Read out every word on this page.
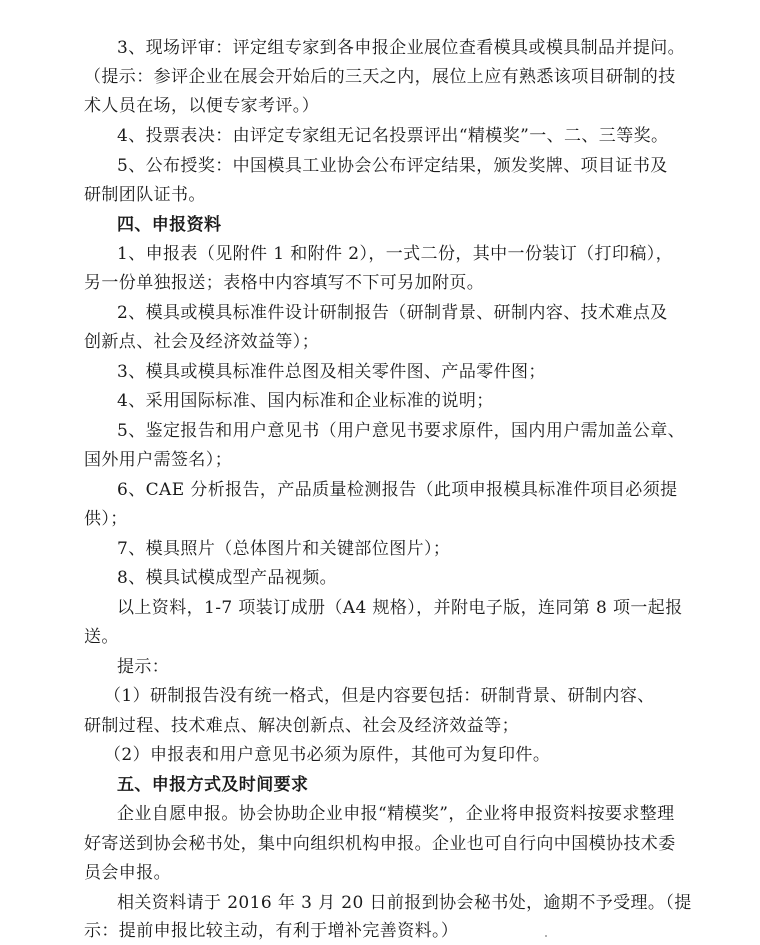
3、现场评审：评定组专家到各申报企业展位查看模具或模具制品并提问。
（提示：参评企业在展会开始后的三天之内，展位上应有熟悉该项目研制的技
术人员在场，以便专家考评。）
4、投票表决：由评定专家组无记名投票评出“精模奖”一、二、三等奖。
5、公布授奖：中国模具工业协会公布评定结果，颁发奖牌、项目证书及
研制团队证书。
四、申报资料
1、申报表（见附件 1 和附件 2），一式二份，其中一份装订（打印稿），
另一份单独报送；表格中内容填写不下可另加附页。
2、模具或模具标准件设计研制报告（研制背景、研制内容、技术难点及
创新点、社会及经济效益等）；
3、模具或模具标准件总图及相关零件图、产品零件图；
4、采用国际标准、国内标准和企业标准的说明；
5、鉴定报告和用户意见书（用户意见书要求原件，国内用户需加盖公章、
国外用户需签名）；
6、CAE 分析报告，产品质量检测报告（此项申报模具标准件项目必须提
供）；
7、模具照片（总体图片和关键部位图片）；
8、模具试模成型产品视频。
以上资料，1-7 项装订成册（A4 规格），并附电子版，连同第 8 项一起报
送。
提示：
（1）研制报告没有统一格式，但是内容要包括：研制背景、研制内容、
研制过程、技术难点、解决创新点、社会及经济效益等；
（2）申报表和用户意见书必须为原件，其他可为复印件。
五、申报方式及时间要求
企业自愿申报。协会协助企业申报“精模奖”，企业将申报资料按要求整理
好寄送到协会秘书处，集中向组织机构申报。企业也可自行向中国模协技术委
员会申报。
相关资料请于 2016 年 3 月 20 日前报到协会秘书处，逾期不予受理。（提
示：提前申报比较主动，有利于增补完善资料。）
